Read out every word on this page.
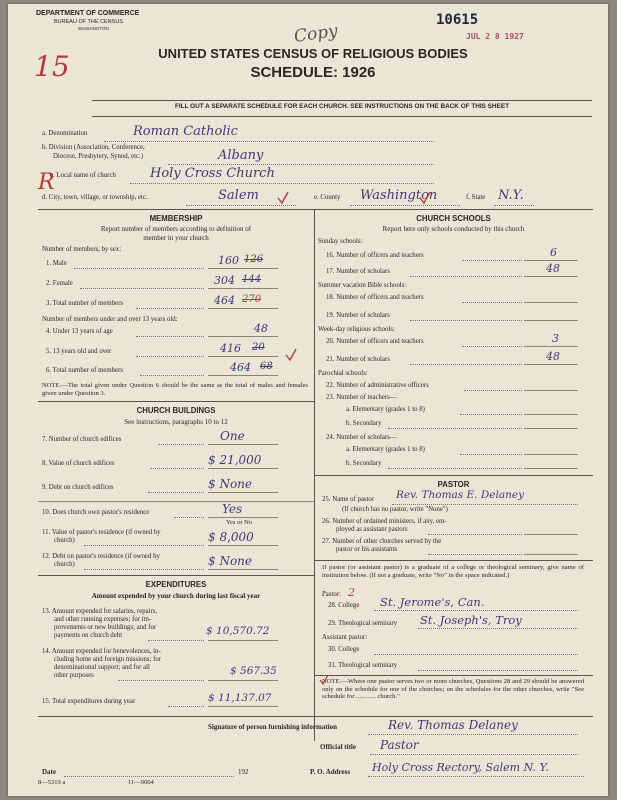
DEPARTMENT OF COMMERCE
BUREAU OF THE CENSUS
WASHINGTON	Copy
10615
JUL 2 8 1927
15	UNITED STATES CENSUS OF RELIGIOUS BODIES
SCHEDULE: 1926
FILL OUT A SEPARATE SCHEDULE FOR EACH CHURCH. SEE INSTRUCTIONS ON THE BACK OF THIS SHEET
a. Denomination	Roman Catholic
b. Division (Association, Conference,
Diocese, Presbytery, Synod, etc.)	Albany
R
c. Local name of church	Holy Cross Church
d. City, town, village, or township, etc.	Salem	e. County Washington	f. State N.Y.
MEMBERSHIP
Report number of members according to definition of
member in your church
Number of members, by sex:
1. Male	160 126
2. Female	304 144
3. Total number of members	464 270
Number of members under and over 13 years old:
4. Under 13 years of age	48
5. 13 years old and over	416 20
6. Total number of members	464 68
NOTE.—The total given under Question 6 should be the same as the total of males and females given under Question 3.
CHURCH BUILDINGS
See instructions, paragraphs 10 to 12
7. Number of church edifices	One
8. Value of church edifices	$ 21,000
9. Debt on church edifices	$ None
10. Does church own pastor's residence	Yes
Yes or No
11. Value of pastor's residence (if owned by
church)	$ 8,000
12. Debt on pastor's residence (if owned by
church)	$ None
EXPENDITURES
Amount expended by your church during last fiscal year
13. Amount expended for salaries, repairs,
and other running expenses; for im-
provements or new buildings; and for
payments on church debt	$ 10,570.72
14. Amount expended for benevolences, in-
cluding home and foreign missions; for
denominational support; and for all
other purposes	$ 567.35
15. Total expenditures during year	$ 11,137.07
CHURCH SCHOOLS
Report here only schools conducted by this church
Sunday schools:
16. Number of officers and teachers	6
17. Number of scholars	48
Summer vacation Bible schools:
18. Number of officers and teachers
19. Number of scholars
Week-day religious schools:
20. Number of officers and teachers	3
21. Number of scholars	48
Parochial schools:
22. Number of administrative officers
23. Number of teachers—
a. Elementary (grades 1 to 8)
b. Secondary
24. Number of scholars—
a. Elementary (grades 1 to 8)
b. Secondary
PASTOR
25. Name of pastor Rev. Thomas E. Delaney
(If church has no pastor, write "None")
26. Number of ordained ministers, if any, em-
ployed as assistant pastors
27. Number of other churches served by the
pastor or his assistants
If pastor (or assistant pastor) is a graduate of a college or theological seminary, give name of institution below. (If not a graduate, write "No" in the space indicated.)
Pastor: 2
28. College St. Jerome's, Can.
29. Theological seminary St. Joseph's, Troy
Assistant pastor:
30. College
31. Theological seminary
NOTE.—Where one pastor serves two or more churches, Questions 28 and 29 should be answered only on the schedule for one of the churches; on the schedules for the other churches, write "See schedule for ............ church."
Signature of person furnishing information	Rev. Thomas Delaney
Official title Pastor
Date	192	P. O. Address Holy Cross Rectory, Salem N. Y.
8—5319 a	11—9064
